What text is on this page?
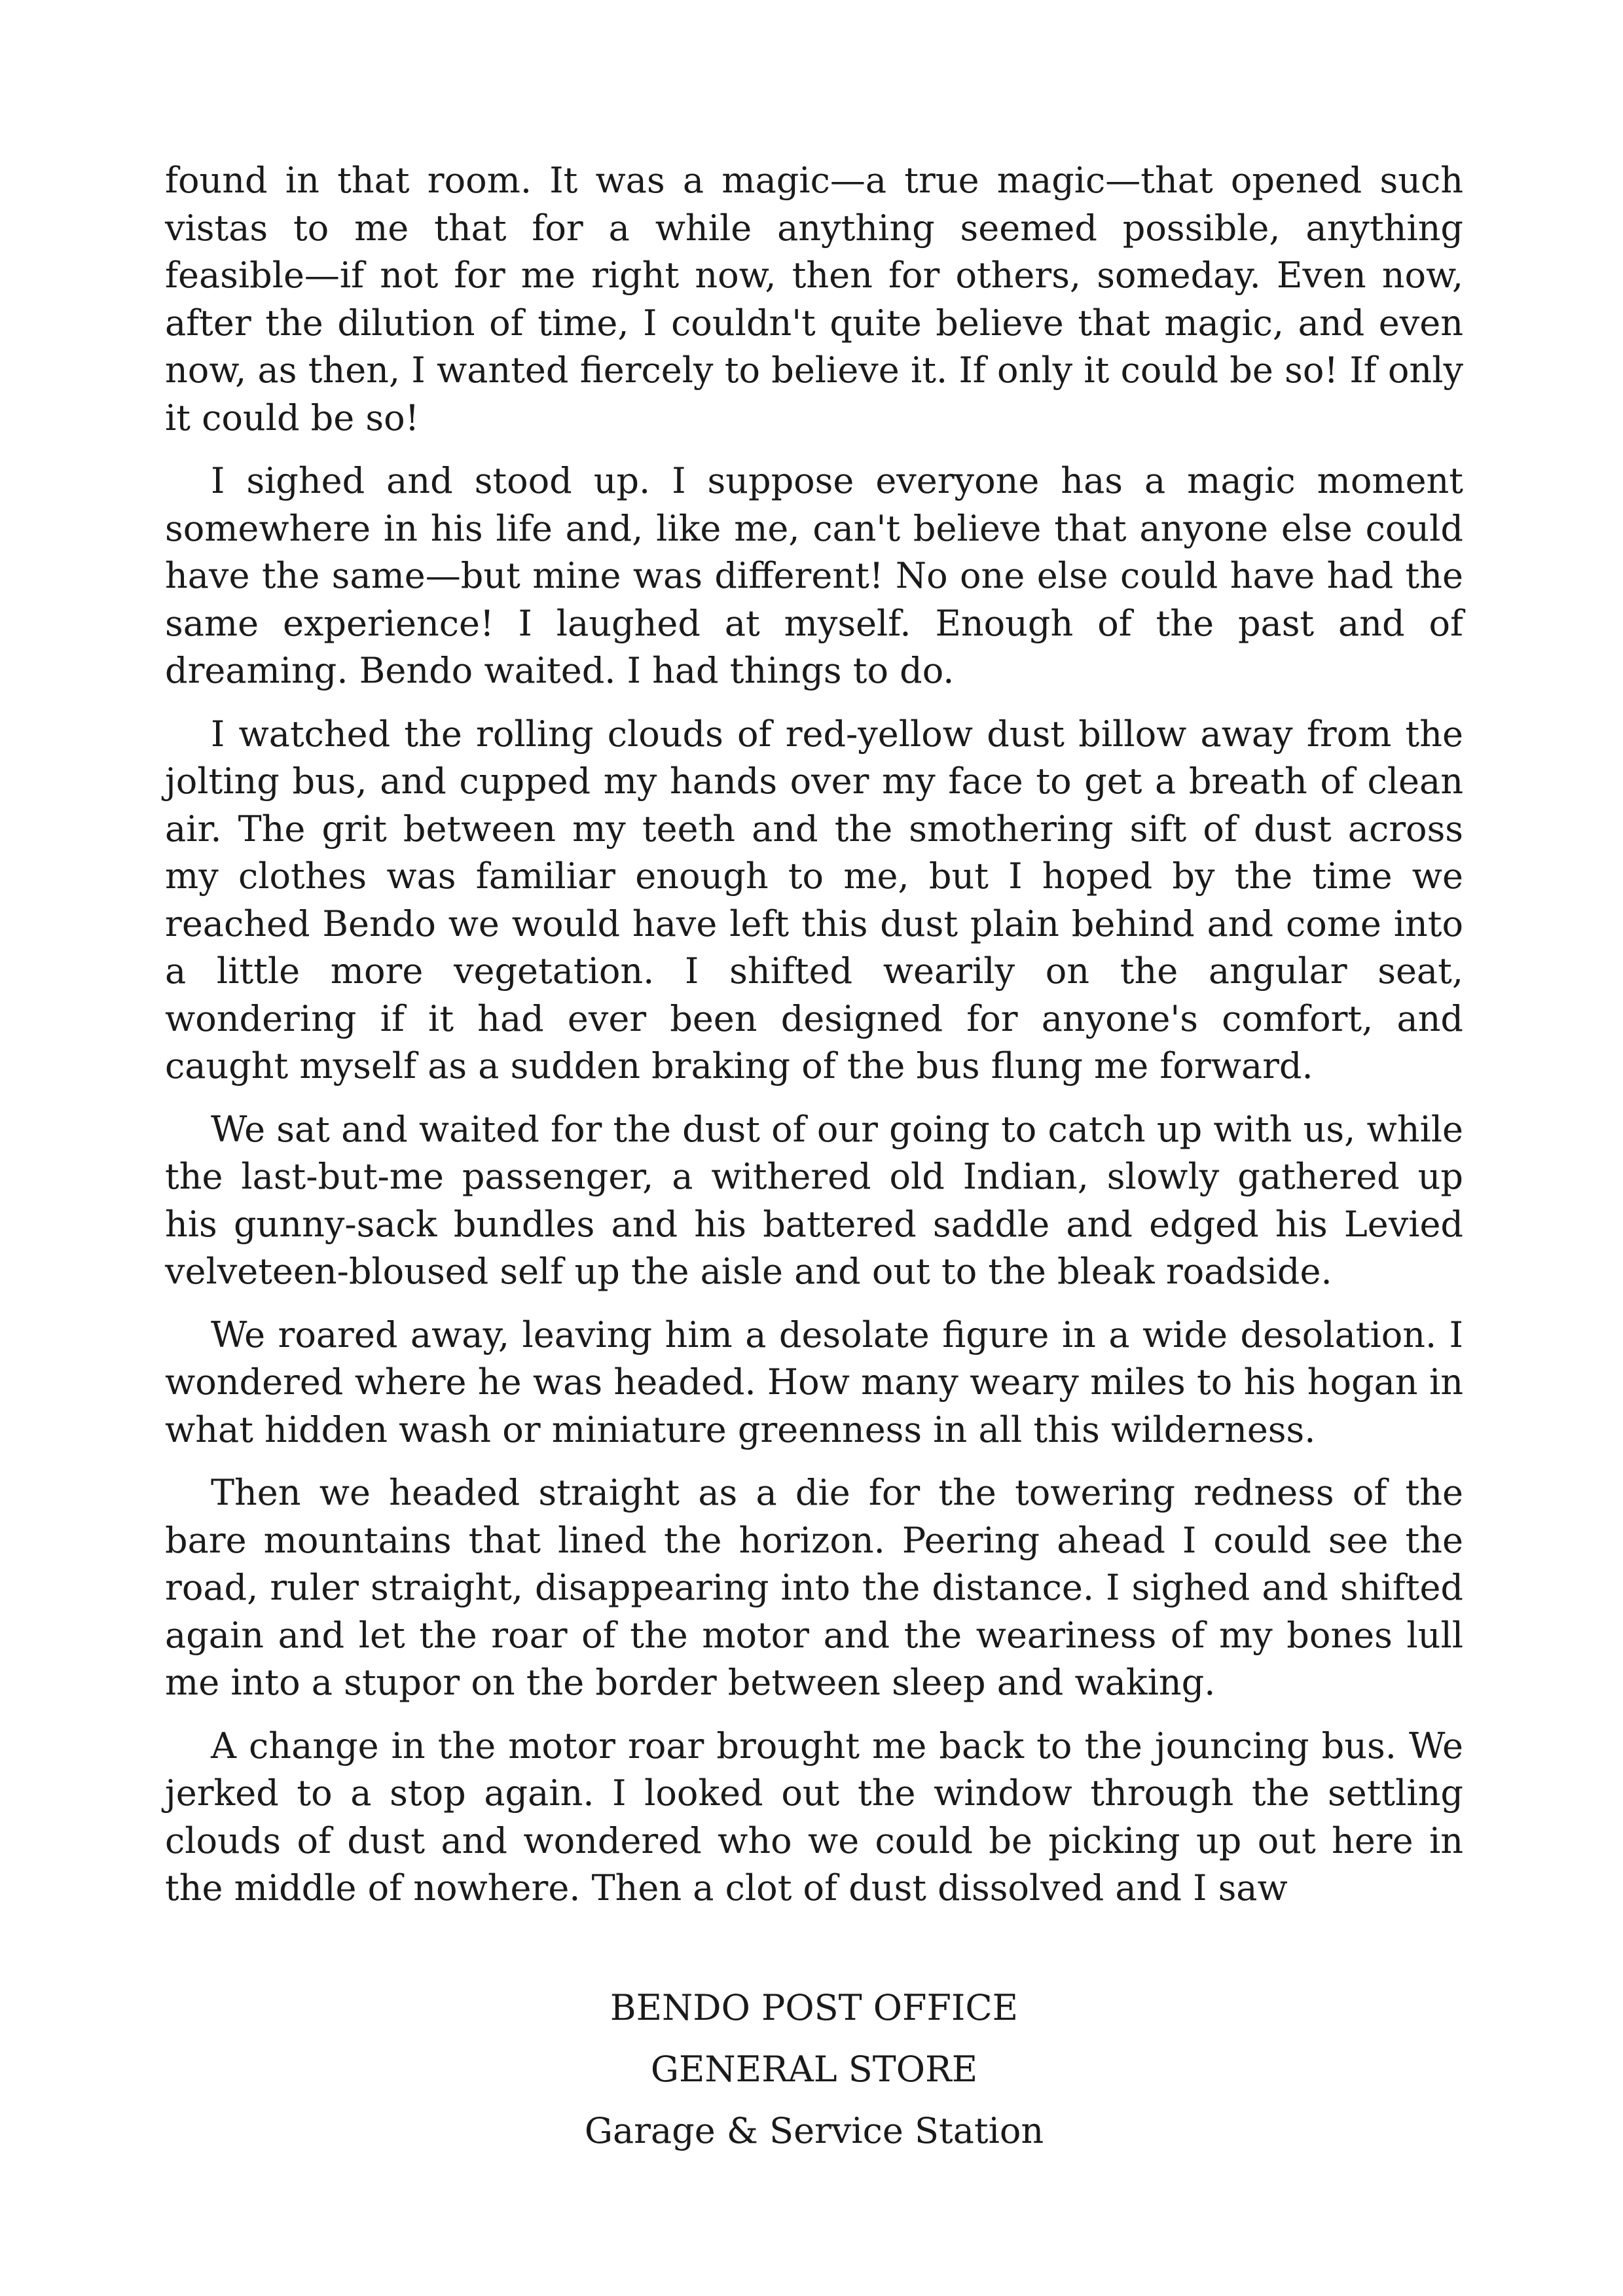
found in that room. It was a magic—a true magic—that opened such vistas to me that for a while anything seemed possible, anything feasible—if not for me right now, then for others, someday. Even now, after the dilution of time, I couldn't quite believe that magic, and even now, as then, I wanted fiercely to believe it. If only it could be so! If only it could be so!

I sighed and stood up. I suppose everyone has a magic moment somewhere in his life and, like me, can't believe that anyone else could have the same—but mine was different! No one else could have had the same experience! I laughed at myself. Enough of the past and of dreaming. Bendo waited. I had things to do.

I watched the rolling clouds of red-yellow dust billow away from the jolting bus, and cupped my hands over my face to get a breath of clean air. The grit between my teeth and the smothering sift of dust across my clothes was familiar enough to me, but I hoped by the time we reached Bendo we would have left this dust plain behind and come into a little more vegetation. I shifted wearily on the angular seat, wondering if it had ever been designed for anyone's comfort, and caught myself as a sudden braking of the bus flung me forward.

We sat and waited for the dust of our going to catch up with us, while the last-but-me passenger, a withered old Indian, slowly gathered up his gunny-sack bundles and his battered saddle and edged his Levied velveteen-bloused self up the aisle and out to the bleak roadside.

We roared away, leaving him a desolate figure in a wide desolation. I wondered where he was headed. How many weary miles to his hogan in what hidden wash or miniature greenness in all this wilderness.

Then we headed straight as a die for the towering redness of the bare mountains that lined the horizon. Peering ahead I could see the road, ruler straight, disappearing into the distance. I sighed and shifted again and let the roar of the motor and the weariness of my bones lull me into a stupor on the border between sleep and waking.

A change in the motor roar brought me back to the jouncing bus. We jerked to a stop again. I looked out the window through the settling clouds of dust and wondered who we could be picking up out here in the middle of nowhere. Then a clot of dust dissolved and I saw

BENDO POST OFFICE
GENERAL STORE
Garage & Service Station
